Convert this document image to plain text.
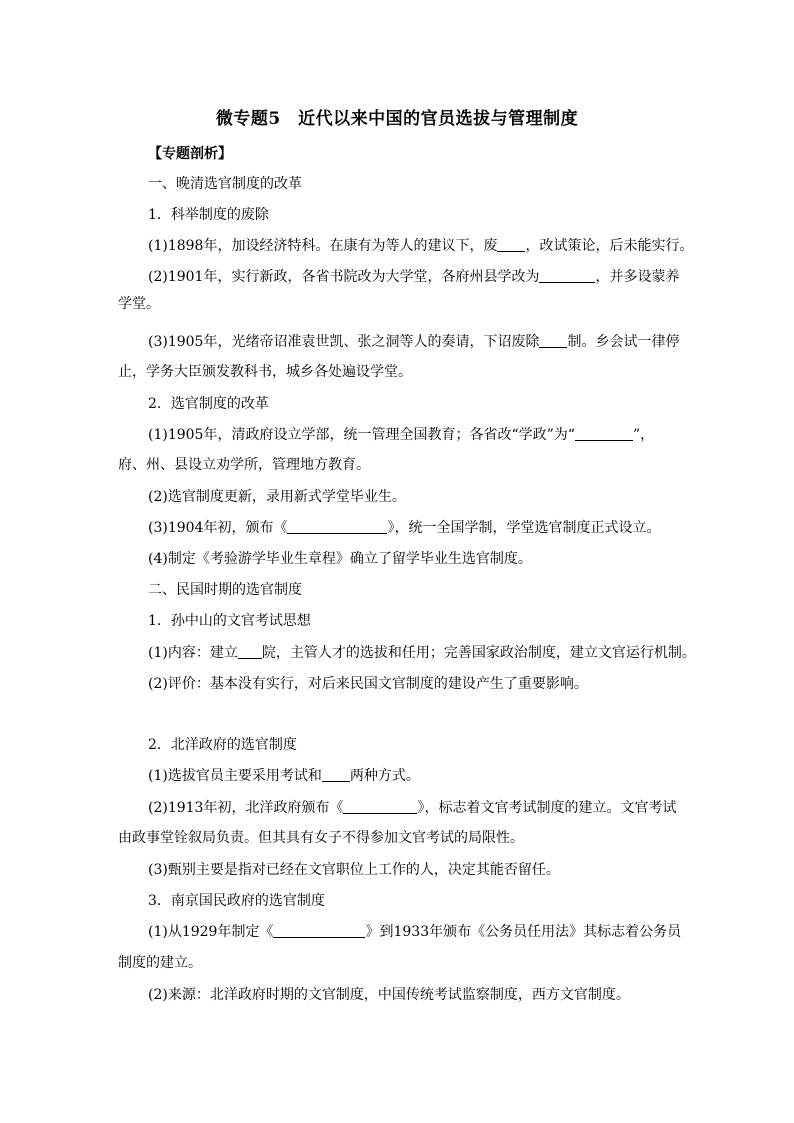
微专题5　近代以来中国的官员选拔与管理制度
【专题剖析】
一、晚清选官制度的改革
1．科举制度的废除
(1)1898年，加设经济特科。在康有为等人的建议下，废 ，改试策论，后未能实行。
(2)1901年，实行新政，各省书院改为大学堂，各府州县学改为	，并多设蒙养
学堂。
(3)1905年，光绪帝诏准袁世凯、张之洞等人的奏请，下诏废除 制。乡会试一律停
止，学务大臣颁发教科书，城乡各处遍设学堂。
2．选官制度的改革
(1)1905年，清政府设立学部，统一管理全国教育；各省改“学政”为“	”，
府、州、县设立劝学所，管理地方教育。
(2)选官制度更新，录用新式学堂毕业生。
(3)1904年初，颁布《	》，统一全国学制，学堂选官制度正式设立。
(4)制定《考验游学毕业生章程》确立了留学毕业生选官制度。
二、民国时期的选官制度
1．孙中山的文官考试思想
(1)内容：建立 院，主管人才的选拔和任用；完善国家政治制度，建立文官运行机制。
(2)评价：基本没有实行，对后来民国文官制度的建设产生了重要影响。
2．北洋政府的选官制度
(1)选拔官员主要采用考试和 两种方式。
(2)1913年初，北洋政府颁布《	》，标志着文官考试制度的建立。文官考试
由政事堂铨叙局负责。但其具有女子不得参加文官考试的局限性。
(3)甄别主要是指对已经在文官职位上工作的人，决定其能否留任。
3．南京国民政府的选官制度
(1)从1929年制定《	》到1933年颁布《公务员任用法》其标志着公务员
制度的建立。
(2)来源：北洋政府时期的文官制度，中国传统考试监察制度，西方文官制度。
